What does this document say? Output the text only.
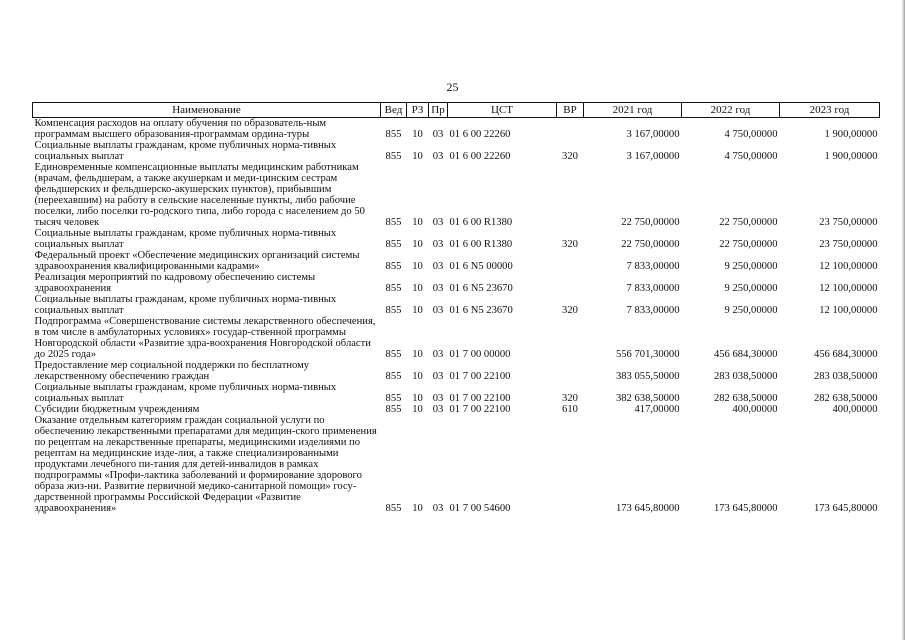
25
Наименование	Вед	РЗ	Пр	ЦСТ	ВР	2021 год	2022 год	2023 год
Компенсация расходов на оплату обучения по образователь-ным программам высшего образования-программам ордина-туры	855	10	03	01 6 00 22260		3 167,00000	4 750,00000	1 900,00000
Социальные выплаты гражданам, кроме публичных норма-тивных социальных выплат	855	10	03	01 6 00 22260	320	3 167,00000	4 750,00000	1 900,00000
Единовременные компенсационные выплаты медицинским работникам (врачам, фельдшерам, а также акушеркам и меди-цинским сестрам фельдшерских и фельдшерско-акушерских пунктов), прибывшим (переехавшим) на работу в сельские населенные пункты, либо рабочие поселки, либо поселки го-родского типа, либо города с населением до 50 тысяч человек	855	10	03	01 6 00 R1380		22 750,00000	22 750,00000	23 750,00000
Социальные выплаты гражданам, кроме публичных норма-тивных социальных выплат	855	10	03	01 6 00 R1380	320	22 750,00000	22 750,00000	23 750,00000
Федеральный проект «Обеспечение медицинских организаций системы здравоохранения квалифицированными кадрами»	855	10	03	01 6 N5 00000		7 833,00000	9 250,00000	12 100,00000
Реализация мероприятий по кадровому обеспечению системы здравоохранения	855	10	03	01 6 N5 23670		7 833,00000	9 250,00000	12 100,00000
Социальные выплаты гражданам, кроме публичных норма-тивных социальных выплат	855	10	03	01 6 N5 23670	320	7 833,00000	9 250,00000	12 100,00000
Подпрограмма «Совершенствование системы лекарственного обеспечения, в том числе в амбулаторных условиях» государ-ственной программы Новгородской области «Развитие здра-воохранения Новгородской области до 2025 года»	855	10	03	01 7 00 00000		556 701,30000	456 684,30000	456 684,30000
Предоставление мер социальной поддержки по бесплатному лекарственному обеспечению граждан	855	10	03	01 7 00 22100		383 055,50000	283 038,50000	283 038,50000
Социальные выплаты гражданам, кроме публичных норма-тивных социальных выплат	855	10	03	01 7 00 22100	320	382 638,50000	282 638,50000	282 638,50000
Субсидии бюджетным учреждениям	855	10	03	01 7 00 22100	610	417,00000	400,00000	400,00000
Оказание отдельным категориям граждан социальной услуги по обеспечению лекарственными препаратами для медицин-ского применения по рецептам на лекарственные препараты, медицинскими изделиями по рецептам на медицинские изде-лия, а также специализированными продуктами лечебного пи-тания для детей-инвалидов в рамках подпрограммы «Профи-лактика заболеваний и формирование здорового образа жиз-ни. Развитие первичной медико-санитарной помощи» госу-дарственной программы Российской Федерации «Развитие здравоохранения»	855	10	03	01 7 00 54600		173 645,80000	173 645,80000	173 645,80000
